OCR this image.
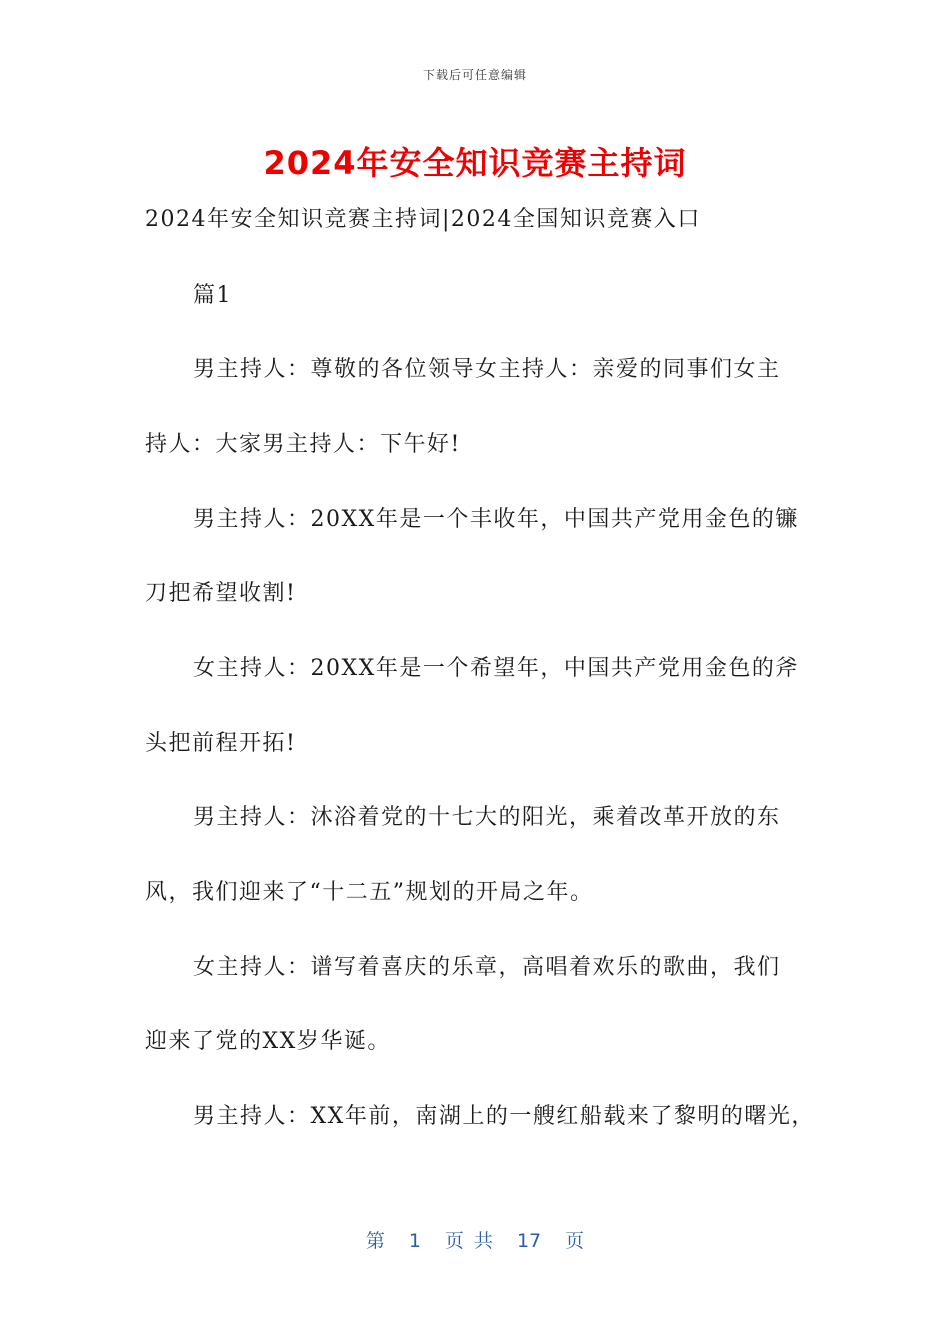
下载后可任意编辑
2024年安全知识竞赛主持词
2024年安全知识竞赛主持词|2024全国知识竞赛入口
篇1
男主持人：尊敬的各位领导女主持人：亲爱的同事们女主
持人：大家男主持人：下午好!
男主持人：20XX年是一个丰收年，中国共产党用金色的镰
刀把希望收割!
女主持人：20XX年是一个希望年，中国共产党用金色的斧
头把前程开拓!
男主持人：沐浴着党的十七大的阳光，乘着改革开放的东
风，我们迎来了“十二五”规划的开局之年。
女主持人：谱写着喜庆的乐章，高唱着欢乐的歌曲，我们
迎来了党的XX岁华诞。
男主持人：XX年前，南湖上的一艘红船载来了黎明的曙光，
第 1 页 共 17 页
